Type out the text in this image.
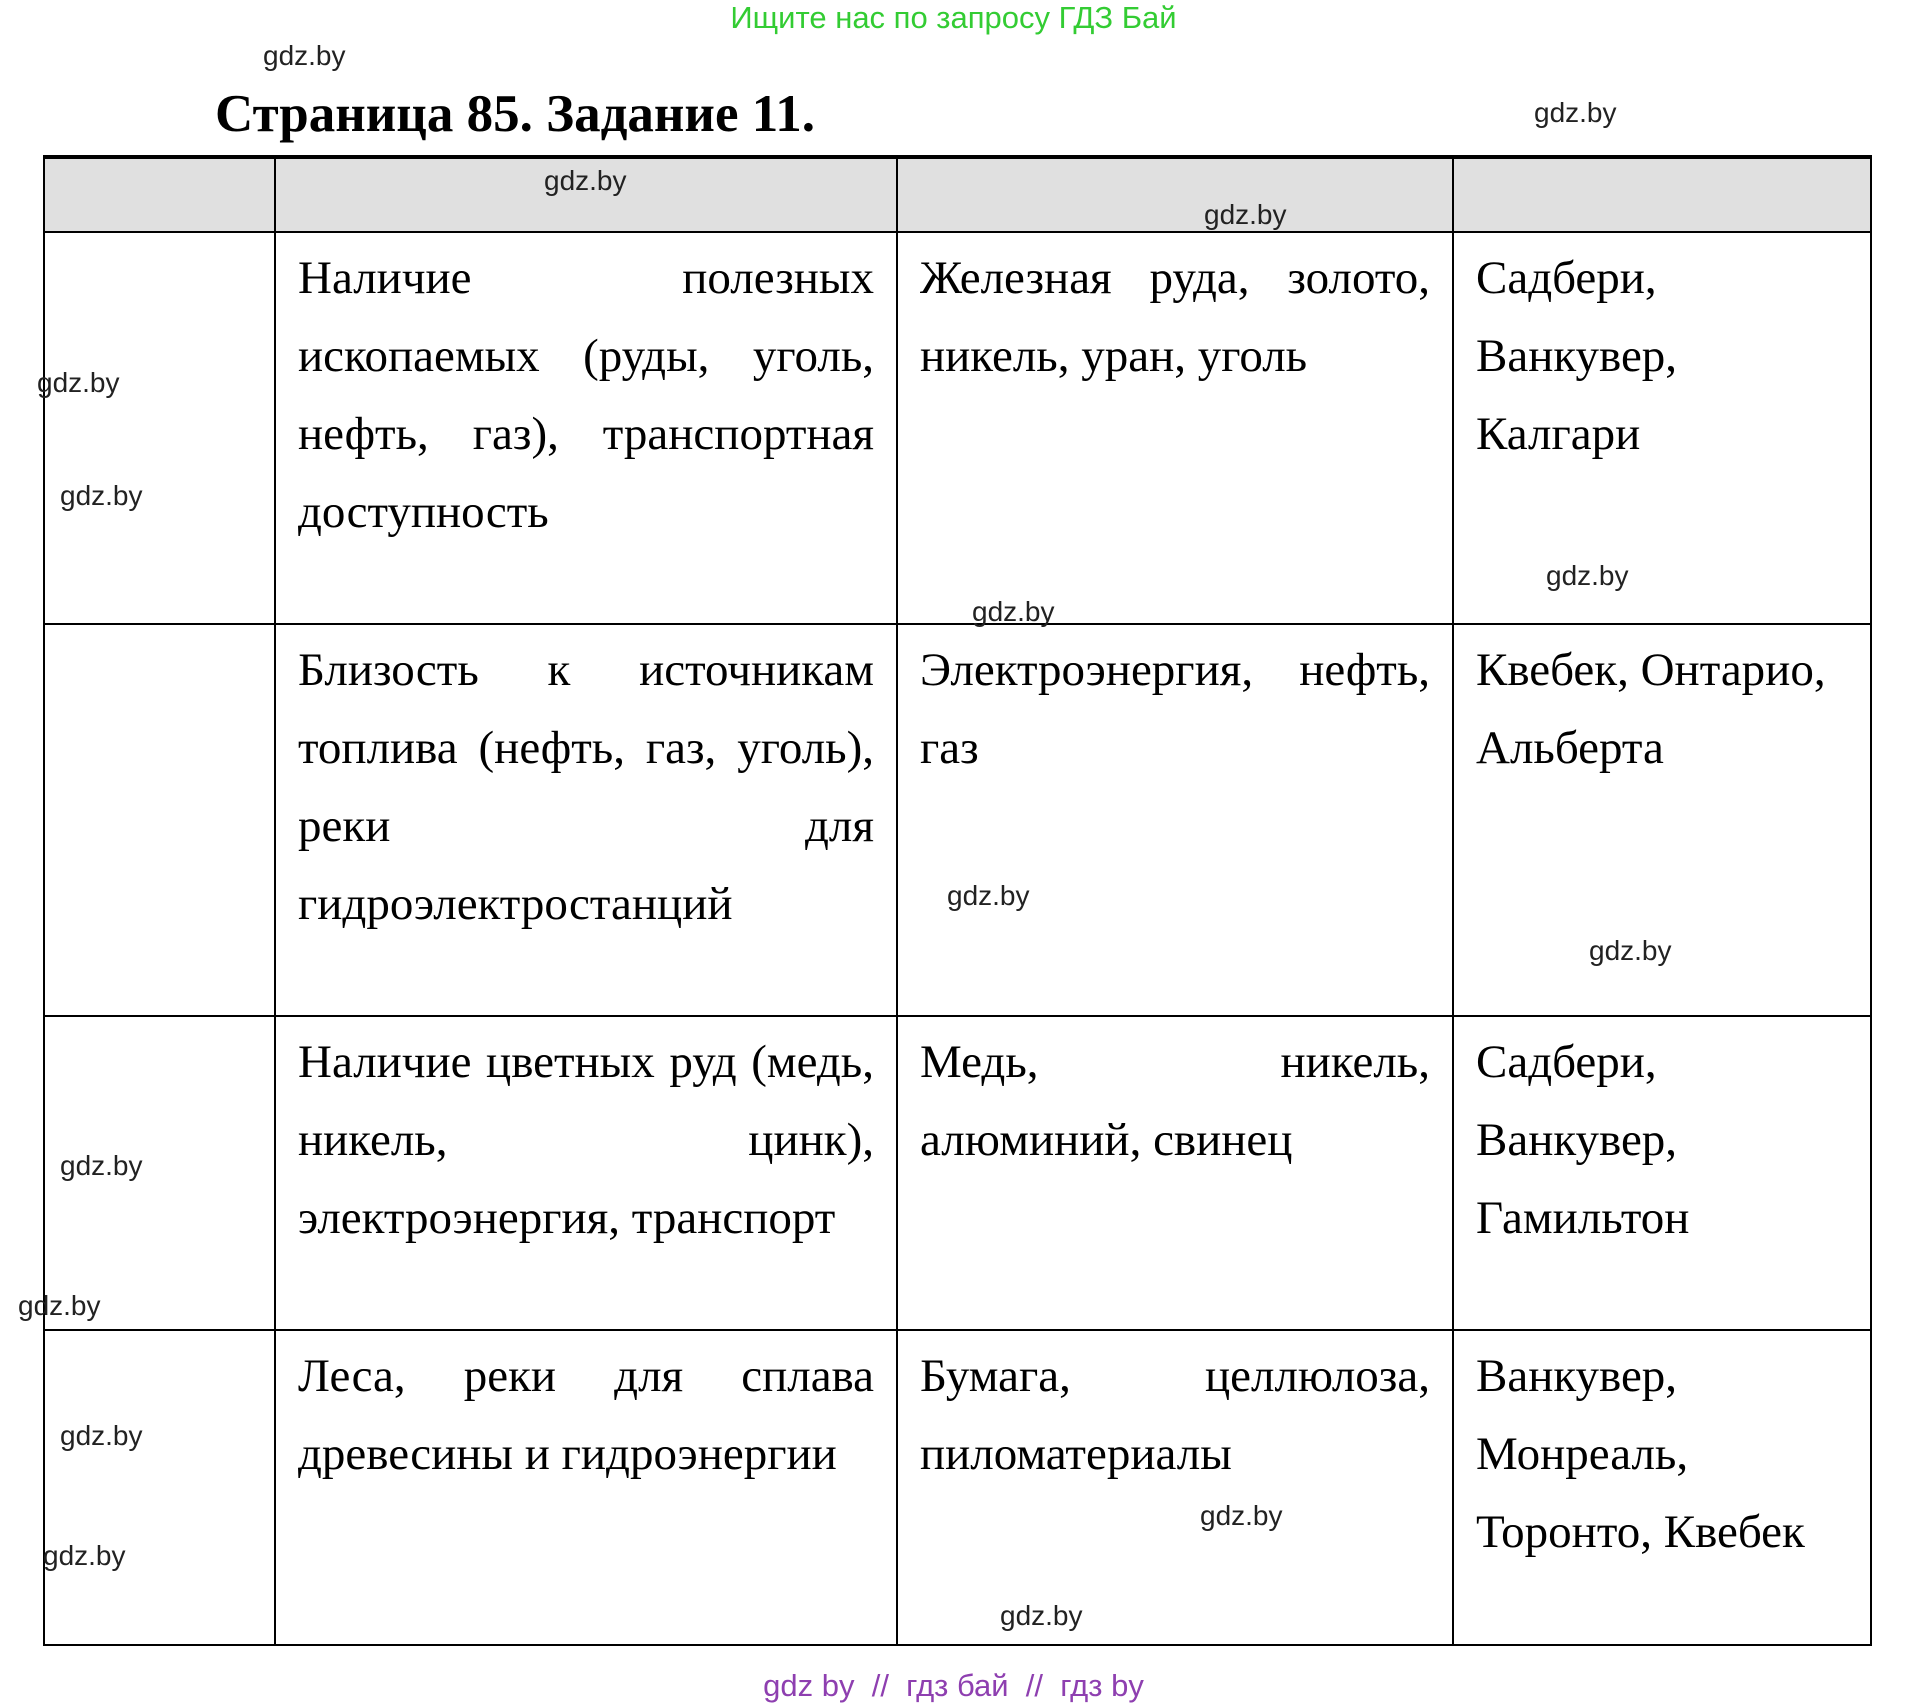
Ищите нас по запросу ГДЗ Бай
Страница 85. Задание 11.

	Наличие полезных ископаемых (руды, уголь, нефть, газ), транспортная доступность	Железная руда, золото, никель, уран, уголь	Садбери, Ванкувер, Калгари
	Близость к источникам топлива (нефть, газ, уголь), реки для гидроэлектростанций	Электроэнергия, нефть, газ	Квебек, Онтарио, Альберта
	Наличие цветных руд (медь, никель, цинк), электроэнергия, транспорт	Медь, никель, алюминий, свинец	Садбери, Ванкувер, Гамильтон
	Леса, реки для сплава древесины и гидроэнергии	Бумага, целлюлоза, пиломатериалы	Ванкувер, Монреаль, Торонто, Квебек
gdz.by
gdz.by
gdz.by
gdz.by
gdz.by
gdz.by
gdz.by
gdz.by
gdz.by
gdz.by
gdz.by
gdz.by
gdz.by
gdz.by
gdz.by
gdz.by
gdz by  //  гдз бай  //  гдз by
